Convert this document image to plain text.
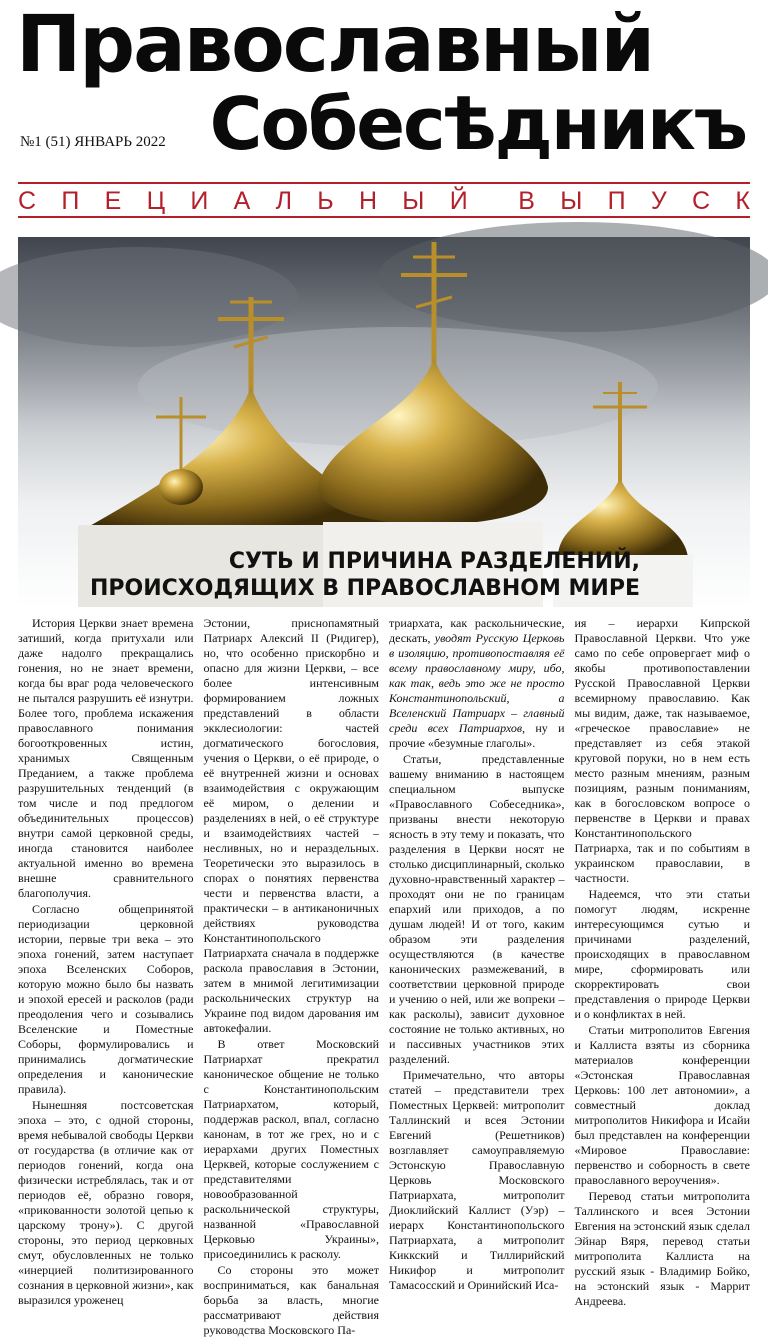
Православный
Собесѣдникъ
№1 (51) ЯНВАРЬ 2022
С П Е Ц И А Л Ь Н Ы Й В Ы П У С К
СУТЬ И ПРИЧИНА РАЗДЕЛЕНИЙ,
ПРОИСХОДЯЩИХ В ПРАВОСЛАВНОМ МИРЕ

История Церкви знает времена затиший, когда притухали или даже надолго прекращались гонения, но не знает времени, когда бы враг рода человеческого не пытался разрушить её изнутри. Более того, проблема искажения православного понимания богооткровенных истин, хранимых Священным Преданием, а также проблема разрушительных тенденций (в том числе и под предлогом объединительных процессов) внутри самой церковной среды, иногда становится наиболее актуальной именно во времена внешне сравнительного благополучия.

Согласно общепринятой периодизации церковной истории, первые три века – это эпоха гонений, затем наступает эпоха Вселенских Соборов, которую можно было бы назвать и эпохой ересей и расколов (ради преодоления чего и созывались Вселенские и Поместные Соборы, формулировались и принимались догматические определения и канонические правила).

Нынешняя постсоветская эпоха – это, с одной стороны, время небывалой свободы Церкви от государства (в отличие как от периодов гонений, когда она физически истреблялась, так и от периодов её, образно говоря, «прикованности золотой цепью к царскому трону»). С другой стороны, это период церковных смут, обусловленных не только «инерцией политизированного сознания в церковной жизни», как выразился уроженец

Эстонии, приснопамятный Патриарх Алексий II (Ридигер), но, что особенно прискорбно и опасно для жизни Церкви, – все более интенсивным формированием ложных представлений в области экклесиологии: частей догматического богословия, учения о Церкви, о её природе, о её внутренней жизни и основах взаимодействия с окружающим её миром, о делении и разделениях в ней, о её структуре и взаимодействиях частей – несливных, но и нераздельных. Теоретически это выразилось в спорах о понятиях первенства чести и первенства власти, а практически – в антиканоничных действиях руководства Константинопольского Патриархата сначала в поддержке раскола православия в Эстонии, затем в мнимой легитимизации раскольнических структур на Украине под видом дарования им автокефалии.

В ответ Московский Патриархат прекратил каноническое общение не только с Константинопольским Патриархатом, который, поддержав раскол, впал, согласно канонам, в тот же грех, но и с иерархами других Поместных Церквей, которые сослужением с представителями новообразованной раскольнической структуры, названной «Православной Церковью Украины», присоединились к расколу.

Со стороны это может восприниматься, как банальная борьба за власть, многие рассматривают действия руководства Московского Па-

триархата, как раскольнические, дескать, уводят Русскую Церковь в изоляцию, противопоставляя её всему православному миру, ибо, как так, ведь это же не просто Константинопольский, а Вселенский Патриарх – главный среди всех Патриархов, ну и прочие «безумные глаголы».

Статьи, представленные вашему вниманию в настоящем специальном выпуске «Православного Собеседника», призваны внести некоторую ясность в эту тему и показать, что разделения в Церкви носят не столько дисциплинарный, сколько духовно-нравственный характер – проходят они не по границам епархий или приходов, а по душам людей! И от того, каким образом эти разделения осуществляются (в качестве канонических размежеваний, в соответствии церковной природе и учению о ней, или же вопреки – как расколы), зависит духовное состояние не только активных, но и пассивных участников этих разделений.

Примечательно, что авторы статей – представители трех Поместных Церквей: митрополит Таллинский и всея Эстонии Евгений (Решетников) возглавляет самоуправляемую Эстонскую Православную Церковь Московского Патриархата, митрополит Диоклийский Каллист (Уэр) – иерарх Константинопольского Патриархата, а митрополит Киккский и Тиллирийский Никифор и митрополит Тамасосский и Оринийский Иса-

ия – иерархи Кипрской Православной Церкви. Что уже само по себе опровергает миф о якобы противопоставлении Русской Православной Церкви всемирному православию. Как мы видим, даже, так называемое, «греческое православие» не представляет из себя этакой круговой поруки, но в нем есть место разным мнениям, разным позициям, разным пониманиям, как в богословском вопросе о первенстве в Церкви и правах Константинопольского Патриарха, так и по событиям в украинском православии, в частности.

Надеемся, что эти статьи помогут людям, искренне интересующимся сутью и причинами разделений, происходящих в православном мире, сформировать или скорректировать свои представления о природе Церкви и о конфликтах в ней.

Статьи митрополитов Евгения и Каллиста взяты из сборника материалов конференции «Эстонская Православная Церковь: 100 лет автономии», а совместный доклад митрополитов Никифора и Исайи был представлен на конференции «Мировое Православие: первенство и соборность в свете православного вероучения».

Перевод статьи митрополита Таллинского и всея Эстонии Евгения на эстонский язык сделал Эйнар Вяря, перевод статьи митрополита Каллиста на русский язык - Владимир Бойко, на эстонский язык - Маррит Андреева.
